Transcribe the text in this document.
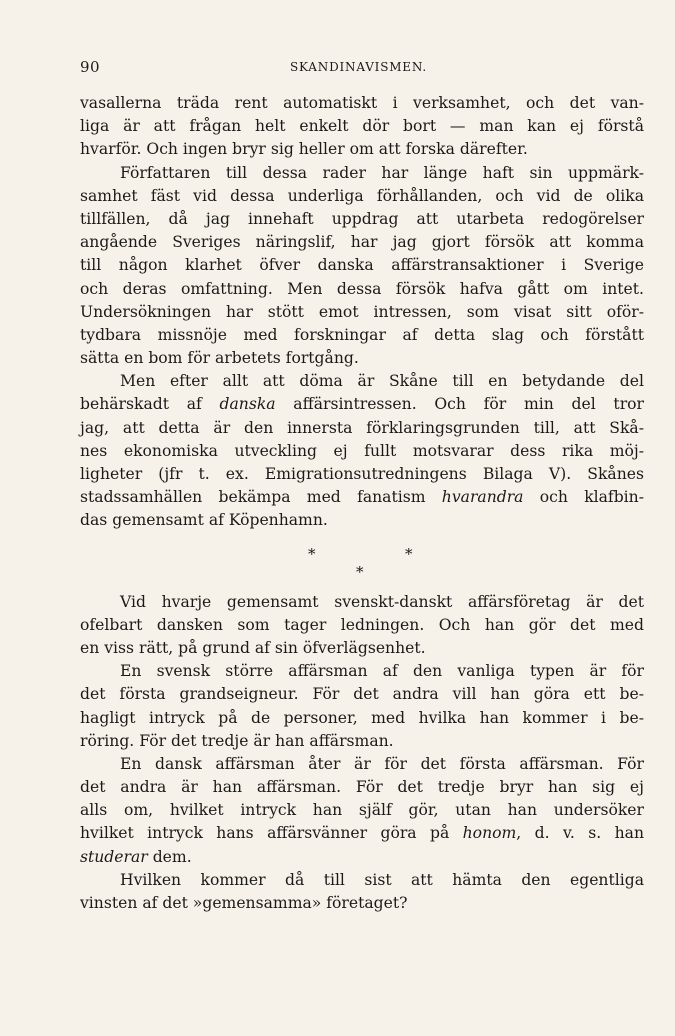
90	SKANDINAVISMEN.
vasallerna träda rent automatiskt i verksamhet, och det van-
liga är att frågan helt enkelt dör bort — man kan ej förstå
hvarför. Och ingen bryr sig heller om att forska därefter.
Författaren till dessa rader har länge haft sin uppmärk-
samhet fäst vid dessa underliga förhållanden, och vid de olika
tillfällen, då jag innehaft uppdrag att utarbeta redogörelser
angående Sveriges näringslif, har jag gjort försök att komma
till någon klarhet öfver danska affärstransaktioner i Sverige
och deras omfattning. Men dessa försök hafva gått om intet.
Undersökningen har stött emot intressen, som visat sitt oför-
tydbara missnöje med forskningar af detta slag och förstått
sätta en bom för arbetets fortgång.
Men efter allt att döma är Skåne till en betydande del
behärskadt af danska affärsintressen. Och för min del tror
jag, att detta är den innersta förklaringsgrunden till, att Skå-
nes ekonomiska utveckling ej fullt motsvarar dess rika möj-
ligheter (jfr t. ex. Emigrationsutredningens Bilaga V). Skånes
stadssamhällen bekämpa med fanatism hvarandra och klafbin-
das gemensamt af Köpenhamn.
*	*
*
Vid hvarje gemensamt svenskt-danskt affärsföretag är det
ofelbart dansken som tager ledningen. Och han gör det med
en viss rätt, på grund af sin öfverlägsenhet.
En svensk större affärsman af den vanliga typen är för
det första grandseigneur. För det andra vill han göra ett be-
hagligt intryck på de personer, med hvilka han kommer i be-
röring. För det tredje är han affärsman.
En dansk affärsman åter är för det första affärsman. För
det andra är han affärsman. För det tredje bryr han sig ej
alls om, hvilket intryck han själf gör, utan han undersöker
hvilket intryck hans affärsvänner göra på honom, d. v. s. han
studerar dem.
Hvilken kommer då till sist att hämta den egentliga
vinsten af det »gemensamma» företaget?
